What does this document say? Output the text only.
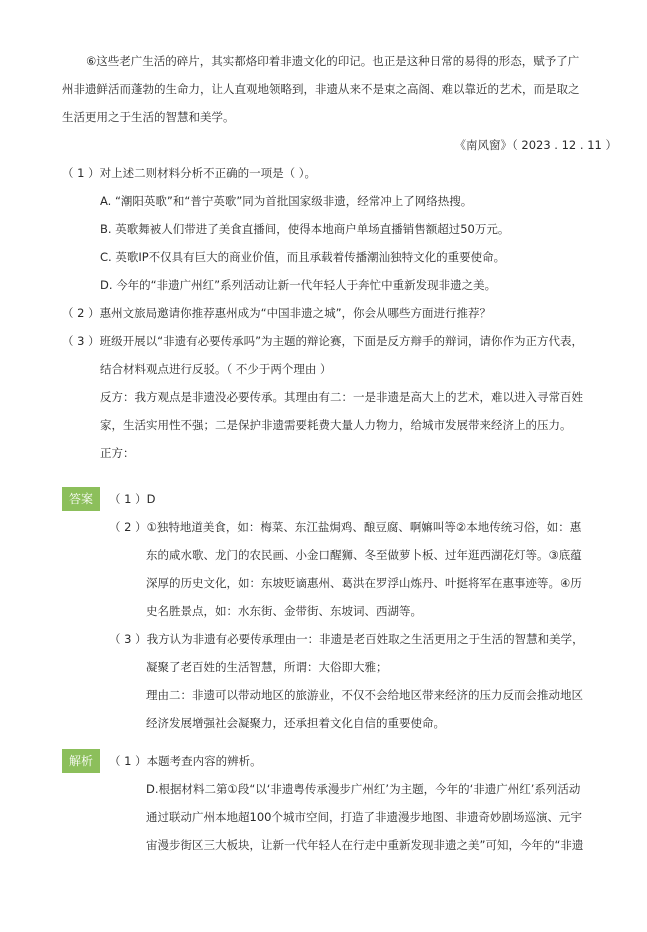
⑥这些老广生活的碎片，其实都烙印着非遗文化的印记。也正是这种日常的易得的形态，赋予了广
州非遗鲜活而蓬勃的生命力，让人直观地领略到，非遗从来不是束之高阁、难以靠近的艺术，而是取之
生活更用之于生活的智慧和美学。
《南风窗》（ 2023 . 12 . 11 ）
（ 1 ）对上述二则材料分析不正确的一项是（ ）。
A. “潮阳英歌”和“普宁英歌”同为首批国家级非遗，经常冲上了网络热搜。
B. 英歌舞被人们带进了美食直播间，使得本地商户单场直播销售额超过50万元。
C. 英歌IP不仅具有巨大的商业价值，而且承载着传播潮汕独特文化的重要使命。
D. 今年的“非遗广州红”系列活动让新一代年轻人于奔忙中重新发现非遗之美。
（ 2 ）惠州文旅局邀请你推荐惠州成为“中国非遗之城”，你会从哪些方面进行推荐？
（ 3 ）班级开展以“非遗有必要传承吗”为主题的辩论赛，下面是反方辩手的辩词，请你作为正方代表，
结合材料观点进行反驳。（ 不少于两个理由 ）
反方：我方观点是非遗没必要传承。其理由有二：一是非遗是高大上的艺术，难以进入寻常百姓
家，生活实用性不强；二是保护非遗需要耗费大量人力物力，给城市发展带来经济上的压力。
正方：
答案	（ 1 ）D
（ 2 ）①独特地道美食，如：梅菜、东江盐焗鸡、酿豆腐、啊嫲叫等②本地传统习俗，如：惠
东的咸水歌、龙门的农民画、小金口醒狮、冬至做萝卜板、过年逛西湖花灯等。③底蕴
深厚的历史文化，如：东坡贬谪惠州、葛洪在罗浮山炼丹、叶挺将军在惠事迹等。④历
史名胜景点，如：水东街、金带街、东坡词、西湖等。
（ 3 ）我方认为非遗有必要传承理由一：非遗是老百姓取之生活更用之于生活的智慧和美学，
凝聚了老百姓的生活智慧，所谓：大俗即大雅；
理由二：非遗可以带动地区的旅游业，不仅不会给地区带来经济的压力反而会推动地区
经济发展增强社会凝聚力，还承担着文化自信的重要使命。
解析	（ 1 ）本题考查内容的辨析。
D.根据材料二第①段“以‘非遗粤传承漫步广州红’为主题，今年的‘非遗广州红’系列活动
通过联动广州本地超100个城市空间，打造了非遗漫步地图、非遗奇妙剧场巡演、元宇
宙漫步街区三大板块，让新一代年轻人在行走中重新发现非遗之美”可知，今年的“非遗
